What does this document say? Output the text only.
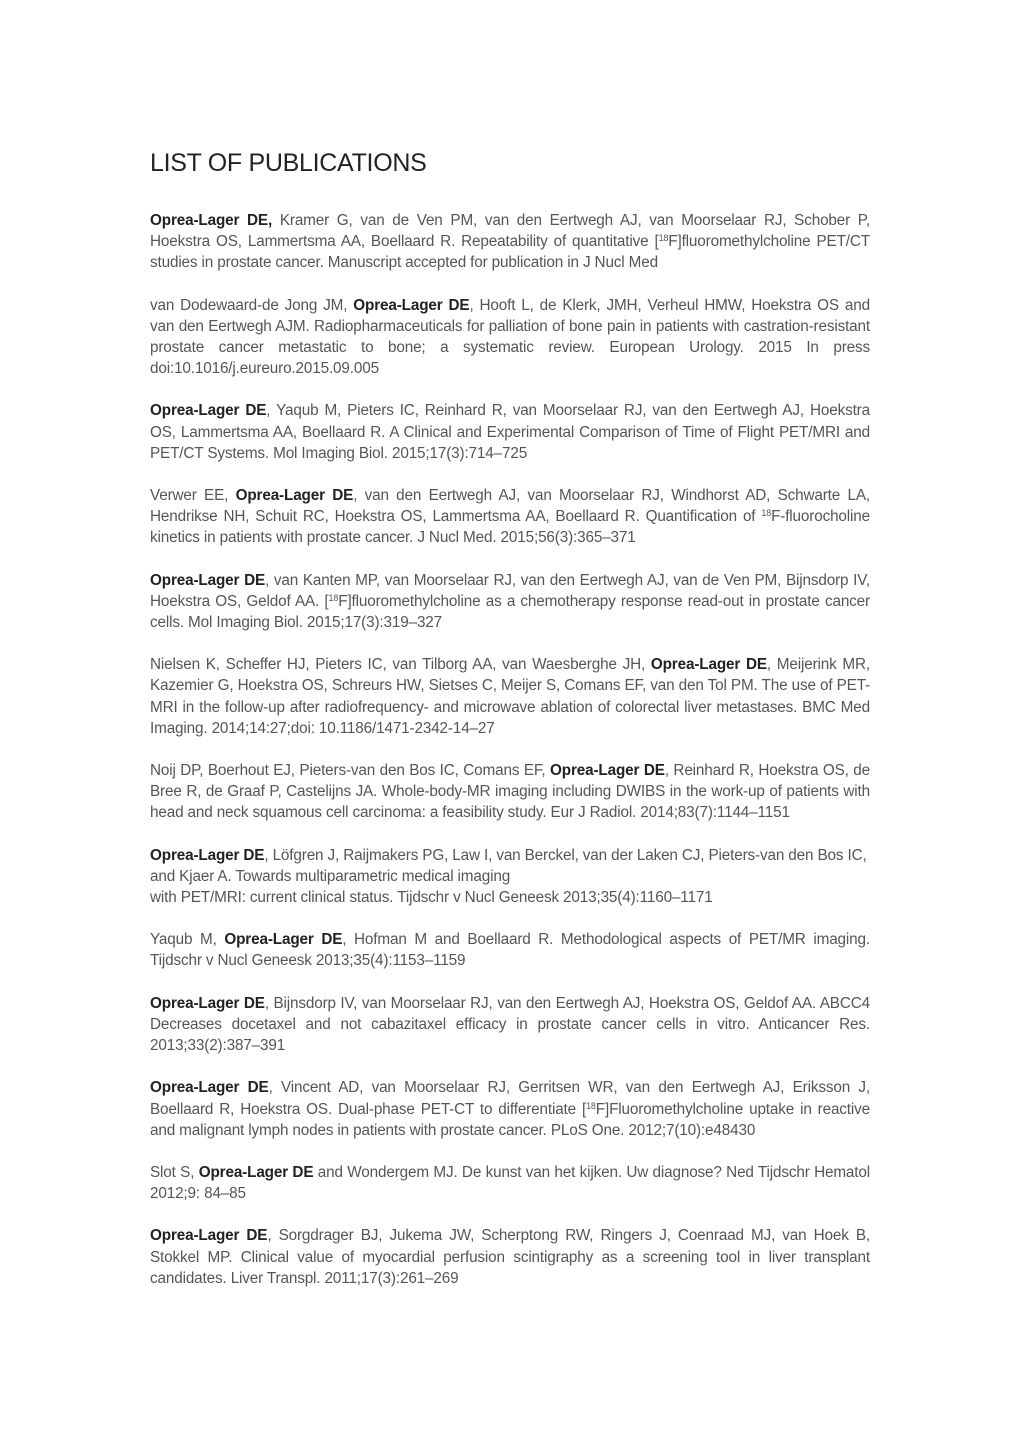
LIST OF PUBLICATIONS

Oprea-Lager DE, Kramer G, van de Ven PM, van den Eertwegh AJ, van Moorselaar RJ, Schober P, Hoekstra OS, Lammertsma AA, Boellaard R. Repeatability of quantitative [$^{18}$F]fluoromethylcholine PET/CT studies in prostate cancer. Manuscript accepted for publication in J Nucl Med

van Dodewaard-de Jong JM, Oprea-Lager DE, Hooft L, de Klerk, JMH, Verheul HMW, Hoekstra OS and van den Eertwegh AJM. Radiopharmaceuticals for palliation of bone pain in patients with castration-resistant prostate cancer metastatic to bone; a systematic review. European Urology. 2015 In press doi:10.1016/j.eureuro.2015.09.005

Oprea-Lager DE, Yaqub M, Pieters IC, Reinhard R, van Moorselaar RJ, van den Eertwegh AJ, Hoekstra OS, Lammertsma AA, Boellaard R. A Clinical and Experimental Comparison of Time of Flight PET/MRI and PET/CT Systems. Mol Imaging Biol. 2015;17(3):714–725

Verwer EE, Oprea-Lager DE, van den Eertwegh AJ, van Moorselaar RJ, Windhorst AD, Schwarte LA, Hendrikse NH, Schuit RC, Hoekstra OS, Lammertsma AA, Boellaard R. Quantification of $^{18}$F-fluorocholine kinetics in patients with prostate cancer. J Nucl Med. 2015;56(3):365–371

Oprea-Lager DE, van Kanten MP, van Moorselaar RJ, van den Eertwegh AJ, van de Ven PM, Bijnsdorp IV, Hoekstra OS, Geldof AA. [$^{18}$F]fluoromethylcholine as a chemotherapy response read-out in prostate cancer cells. Mol Imaging Biol. 2015;17(3):319–327

Nielsen K, Scheffer HJ, Pieters IC, van Tilborg AA, van Waesberghe JH, Oprea-Lager DE, Meijerink MR, Kazemier G, Hoekstra OS, Schreurs HW, Sietses C, Meijer S, Comans EF, van den Tol PM. The use of PET-MRI in the follow-up after radiofrequency- and microwave ablation of colorectal liver metastases. BMC Med Imaging. 2014;14:27;doi: 10.1186/1471-2342-14–27

Noij DP, Boerhout EJ, Pieters-van den Bos IC, Comans EF, Oprea-Lager DE, Reinhard R, Hoekstra OS, de Bree R, de Graaf P, Castelijns JA. Whole-body-MR imaging including DWIBS in the work-up of patients with head and neck squamous cell carcinoma: a feasibility study. Eur J Radiol. 2014;83(7):1144–1151

Oprea-Lager DE, Löfgren J, Raijmakers PG, Law I, van Berckel, van der Laken CJ, Pieters-van den Bos IC, and Kjaer A. Towards multiparametric medical imaging
with PET/MRI: current clinical status. Tijdschr v Nucl Geneesk 2013;35(4):1160–1171

Yaqub M, Oprea-Lager DE, Hofman M and Boellaard R. Methodological aspects of PET/MR imaging. Tijdschr v Nucl Geneesk 2013;35(4):1153–1159

Oprea-Lager DE, Bijnsdorp IV, van Moorselaar RJ, van den Eertwegh AJ, Hoekstra OS, Geldof AA. ABCC4 Decreases docetaxel and not cabazitaxel efficacy in prostate cancer cells in vitro. Anticancer Res. 2013;33(2):387–391

Oprea-Lager DE, Vincent AD, van Moorselaar RJ, Gerritsen WR, van den Eertwegh AJ, Eriksson J, Boellaard R, Hoekstra OS. Dual-phase PET-CT to differentiate [$^{18}$F]Fluoromethylcholine uptake in reactive and malignant lymph nodes in patients with prostate cancer. PLoS One. 2012;7(10):e48430

Slot S, Oprea-Lager DE and Wondergem MJ. De kunst van het kijken. Uw diagnose? Ned Tijdschr Hematol 2012;9: 84–85

Oprea-Lager DE, Sorgdrager BJ, Jukema JW, Scherptong RW, Ringers J, Coenraad MJ, van Hoek B, Stokkel MP. Clinical value of myocardial perfusion scintigraphy as a screening tool in liver transplant candidates. Liver Transpl. 2011;17(3):261–269
